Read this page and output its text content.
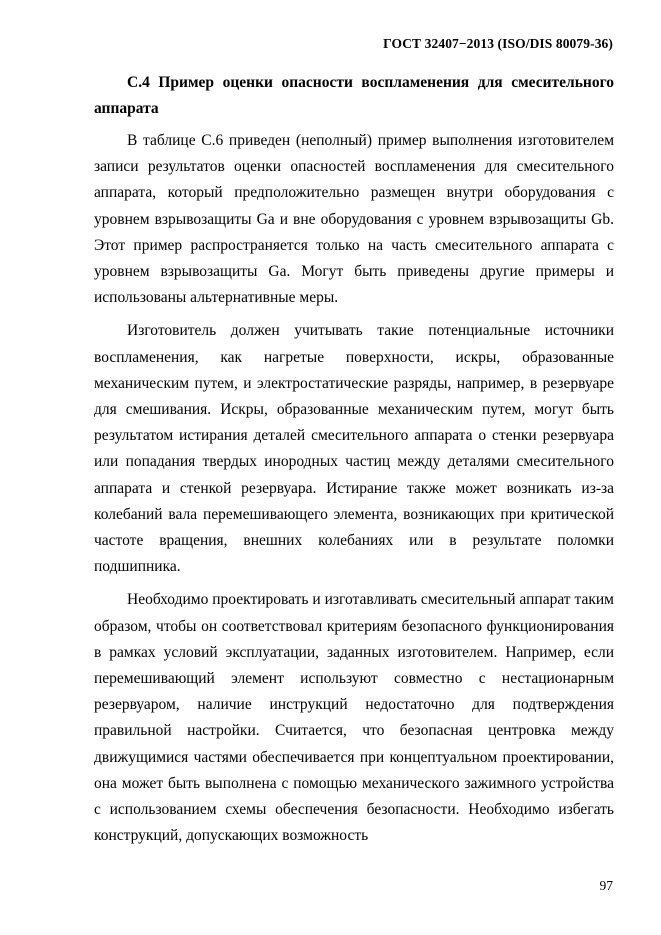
ГОСТ 32407−2013 (ISO/DIS 80079-36)
С.4 Пример оценки опасности воспламенения для смесительного аппарата

В таблице С.6 приведен (неполный) пример выполнения изготовителем записи результатов оценки опасностей воспламенения для смесительного аппарата, который предположительно размещен внутри оборудования с уровнем взрывозащиты Ga и вне оборудования с уровнем взрывозащиты Gb. Этот пример распространяется только на часть смесительного аппарата с уровнем взрывозащиты Ga. Могут быть приведены другие примеры и использованы альтернативные меры.

Изготовитель должен учитывать такие потенциальные источники воспламенения, как нагретые поверхности, искры, образованные механическим путем, и электростатические разряды, например, в резервуаре для смешивания. Искры, образованные механическим путем, могут быть результатом истирания деталей смесительного аппарата о стенки резервуара или попадания твердых инородных частиц между деталями смесительного аппарата и стенкой резервуара. Истирание также может возникать из-за колебаний вала перемешивающего элемента, возникающих при критической частоте вращения, внешних колебаниях или в результате поломки подшипника.

Необходимо проектировать и изготавливать смесительный аппарат таким образом, чтобы он соответствовал критериям безопасного функционирования в рамках условий эксплуатации, заданных изготовителем. Например, если перемешивающий элемент используют совместно с нестационарным резервуаром, наличие инструкций недостаточно для подтверждения правильной настройки. Считается, что безопасная центровка между движущимися частями обеспечивается при концептуальном проектировании, она может быть выполнена с помощью механического зажимного устройства с использованием схемы обеспечения безопасности. Необходимо избегать конструкций, допускающих возможность

97
